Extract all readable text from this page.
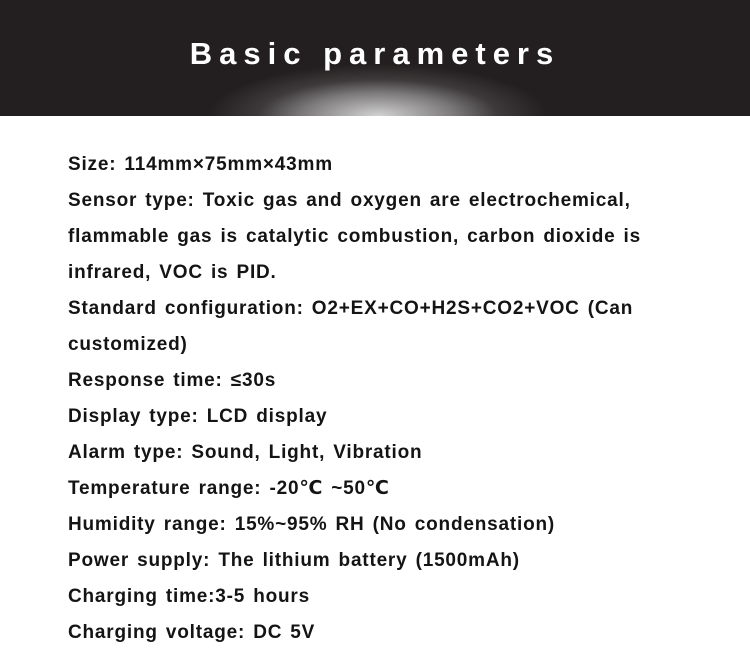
Basic parameters
Size: 114mm×75mm×43mm
Sensor type: Toxic gas and oxygen are electrochemical,
flammable gas is catalytic combustion, carbon dioxide is
infrared, VOC is PID.
Standard configuration: O2+EX+CO+H2S+CO2+VOC (Can
customized)
Response time: ≤30s
Display type: LCD display
Alarm type: Sound, Light, Vibration
Temperature range: -20℃ ~50℃
Humidity range: 15%~95% RH (No condensation)
Power supply: The lithium battery (1500mAh)
Charging time:3-5 hours
Charging voltage: DC 5V
